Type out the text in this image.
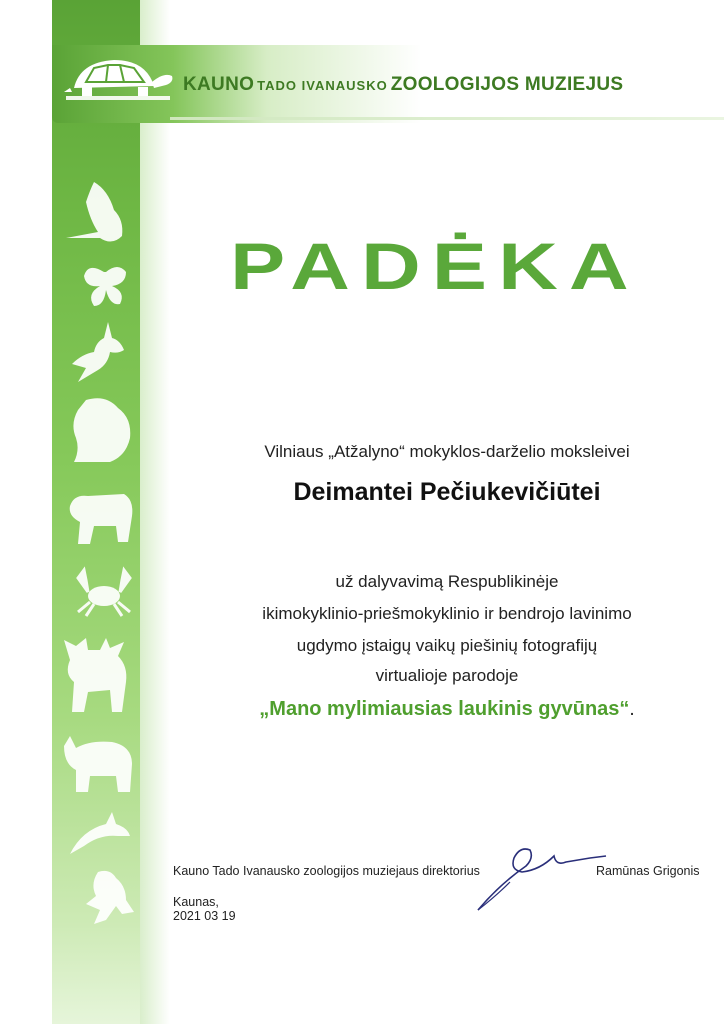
KAUNO TADO IVANAUSKO ZOOLOGIJOS MUZIEJUS
PADĖKA
Vilniaus „Atžalyno“ mokyklos-darželio moksleivei
Deimantei Pečiukevičiūtei
už dalyvavimą Respublikinėje
ikimokyklinio-priešmokyklinio ir bendrojo lavinimo
ugdymo įstaigų vaikų piešinių fotografijų
virtualioje parodoje
„Mano mylimiausias laukinis gyvūnas“.
Kauno Tado Ivanausko zoologijos muziejaus direktorius	Ramūnas Grigonis
Kaunas,
2021 03 19
